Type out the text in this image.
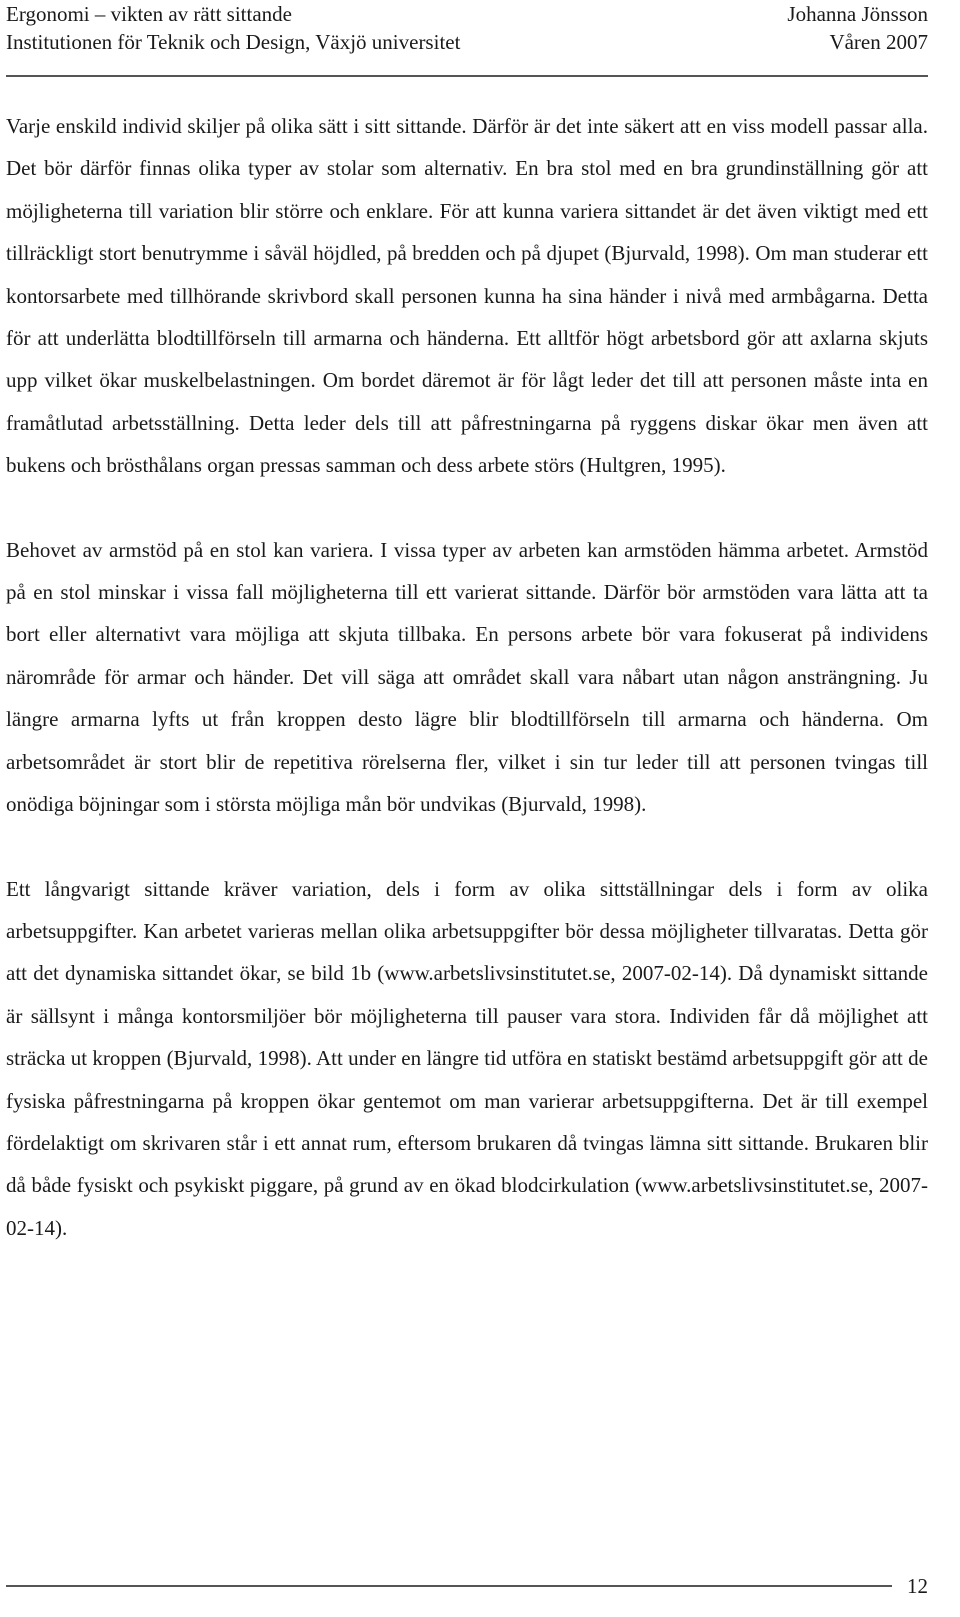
Ergonomi – vikten av rätt sittande	Johanna Jönsson
Institutionen för Teknik och Design, Växjö universitet	Våren 2007

Varje enskild individ skiljer på olika sätt i sitt sittande. Därför är det inte säkert att en viss modell passar alla. Det bör därför finnas olika typer av stolar som alternativ. En bra stol med en bra grundinställning gör att möjligheterna till variation blir större och enklare. För att kunna variera sittandet är det även viktigt med ett tillräckligt stort benutrymme i såväl höjdled, på bredden och på djupet (Bjurvald, 1998). Om man studerar ett kontorsarbete med tillhörande skrivbord skall personen kunna ha sina händer i nivå med armbågarna. Detta för att underlätta blodtillförseln till armarna och händerna. Ett alltför högt arbetsbord gör att axlarna skjuts upp vilket ökar muskelbelastningen. Om bordet däremot är för lågt leder det till att personen måste inta en framåtlutad arbetsställning. Detta leder dels till att påfrestningarna på ryggens diskar ökar men även att bukens och brösthålans organ pressas samman och dess arbete störs (Hultgren, 1995).

Behovet av armstöd på en stol kan variera. I vissa typer av arbeten kan armstöden hämma arbetet. Armstöd på en stol minskar i vissa fall möjligheterna till ett varierat sittande. Därför bör armstöden vara lätta att ta bort eller alternativt vara möjliga att skjuta tillbaka. En persons arbete bör vara fokuserat på individens närområde för armar och händer. Det vill säga att området skall vara nåbart utan någon ansträngning. Ju längre armarna lyfts ut från kroppen desto lägre blir blodtillförseln till armarna och händerna. Om arbetsområdet är stort blir de repetitiva rörelserna fler, vilket i sin tur leder till att personen tvingas till onödiga böjningar som i största möjliga mån bör undvikas (Bjurvald, 1998).

Ett långvarigt sittande kräver variation, dels i form av olika sittställningar dels i form av olika arbetsuppgifter. Kan arbetet varieras mellan olika arbetsuppgifter bör dessa möjligheter tillvaratas. Detta gör att det dynamiska sittandet ökar, se bild 1b (www.arbetslivsinstitutet.se, 2007-02-14). Då dynamiskt sittande är sällsynt i många kontorsmiljöer bör möjligheterna till pauser vara stora. Individen får då möjlighet att sträcka ut kroppen (Bjurvald, 1998). Att under en längre tid utföra en statiskt bestämd arbetsuppgift gör att de fysiska påfrestningarna på kroppen ökar gentemot om man varierar arbetsuppgifterna. Det är till exempel fördelaktigt om skrivaren står i ett annat rum, eftersom brukaren då tvingas lämna sitt sittande. Brukaren blir då både fysiskt och psykiskt piggare, på grund av en ökad blodcirkulation (www.arbetslivsinstitutet.se, 2007-02-14).

12
